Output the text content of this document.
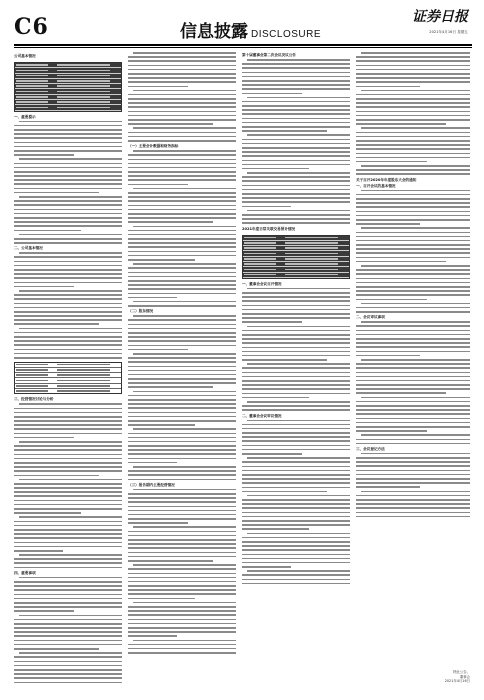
C6	信息披露 DISCLOSURE
证券日报
2021年4月16日 星期五
公司基本情况
一、重要提示
二、公司基本情况
三、经营情况讨论与分析
四、重要事项
（一）主要会计数据和财务指标
（二）股东情况
（三）报告期内主要经营情况
第十届董事会第二次会议决议公告
2021年度日常关联交易预计情况
一、董事会会议召开情况
二、董事会会议审议情况
关于召开2020年年度股东大会的通知
一、召开会议的基本情况
二、会议审议事项
三、会议登记方法
特此公告。
董事会
2021年4月16日
